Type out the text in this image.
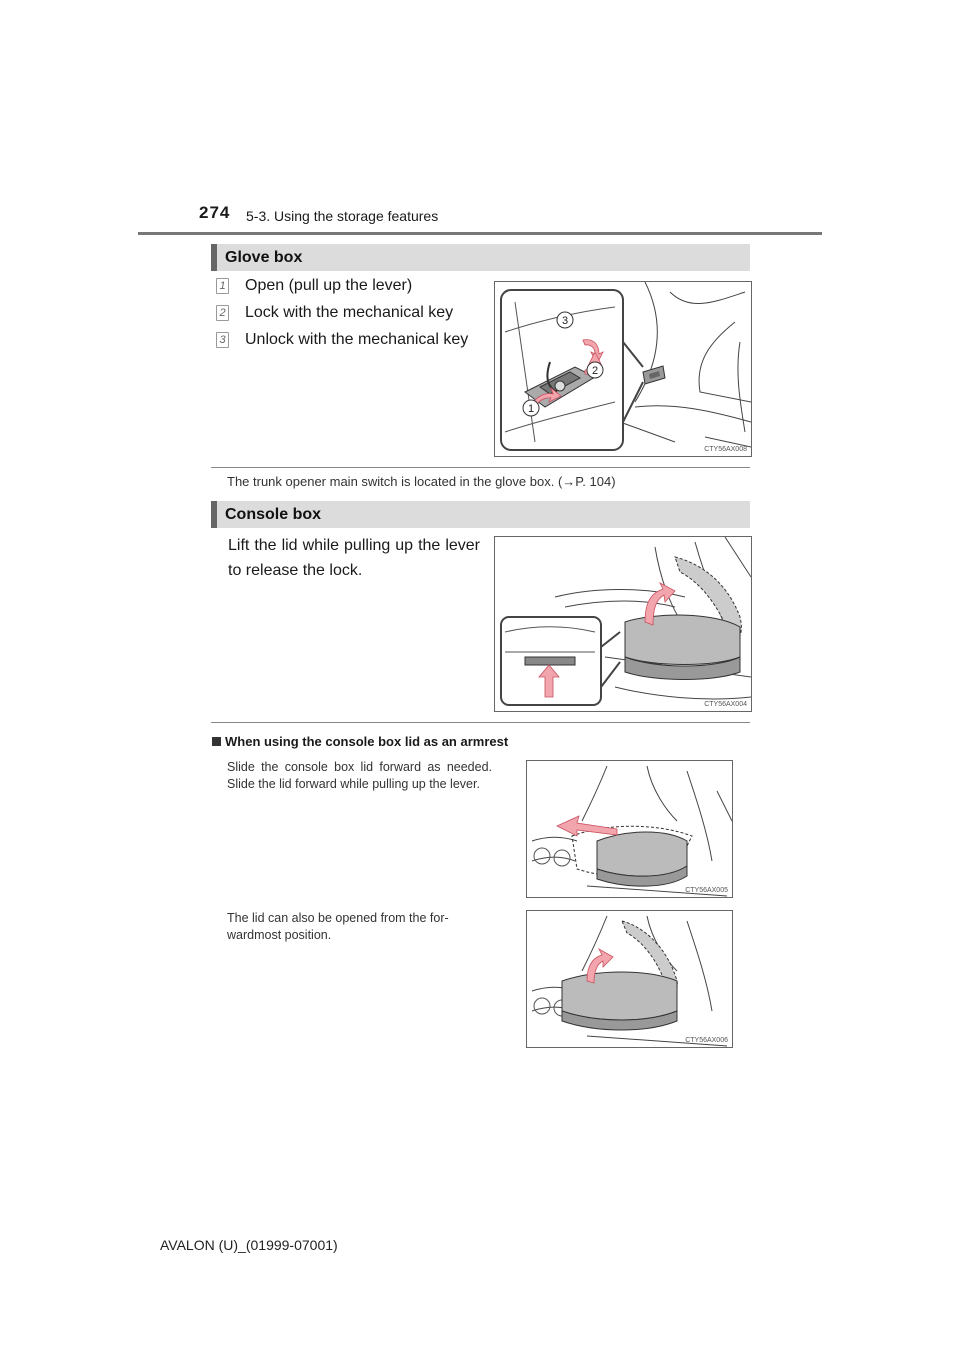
274 5-3. Using the storage features
Glove box
1 Open (pull up the lever)
2 Lock with the mechanical key
3 Unlock with the mechanical key
3
2
1
CTY56AX008
The trunk opener main switch is located in the glove box. (→P. 104)
Console box
Lift the lid while pulling up the lever to release the lock.
CTY56AX004
When using the console box lid as an armrest
Slide the console box lid forward as needed. Slide the lid forward while pulling up the lever.
CTY56AX005
The lid can also be opened from the for-wardmost position.
CTY56AX006
AVALON (U)_(01999-07001)
